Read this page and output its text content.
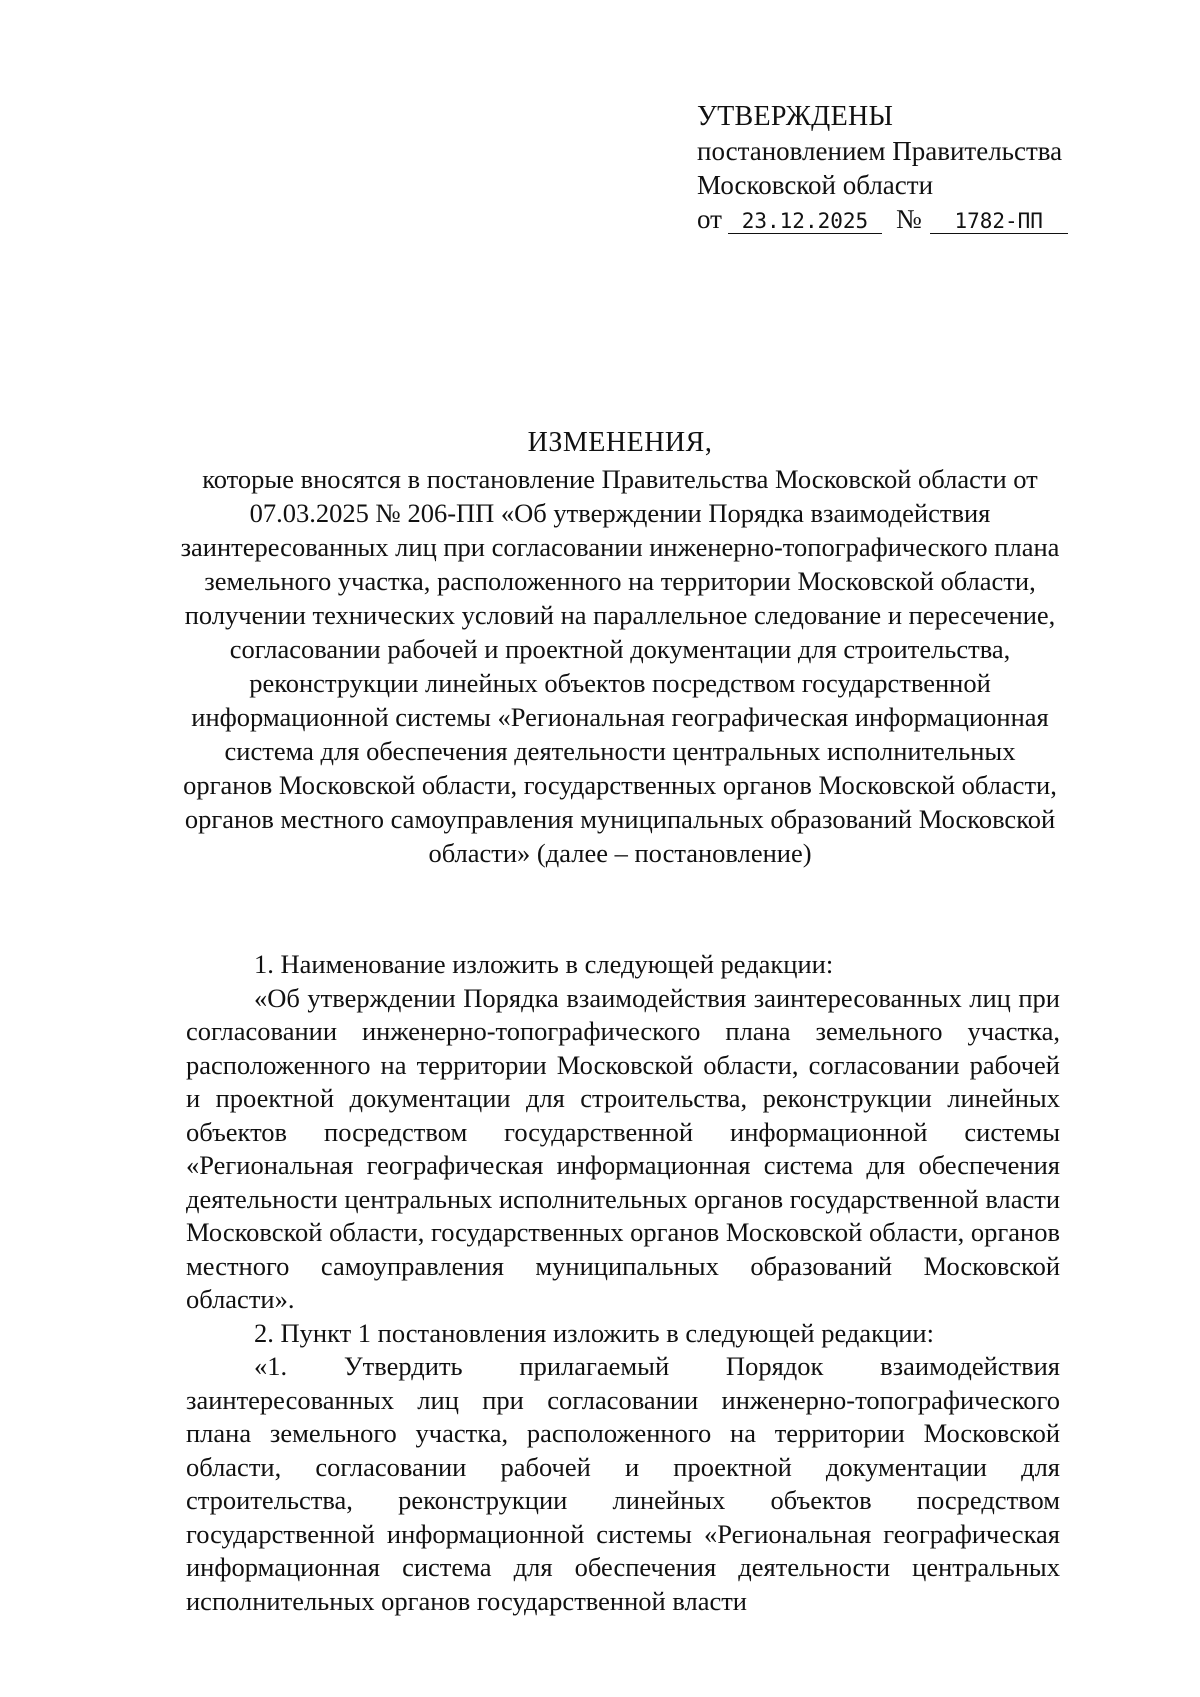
УТВЕРЖДЕНЫ
постановлением Правительства
Московской области
от 23.12.2025 № 1782-ПП
ИЗМЕНЕНИЯ,
которые вносятся в постановление Правительства Московской области от 07.03.2025 № 206-ПП «Об утверждении Порядка взаимодействия заинтересованных лиц при согласовании инженерно-топографического плана земельного участка, расположенного на территории Московской области, получении технических условий на параллельное следование и пересечение, согласовании рабочей и проектной документации для строительства, реконструкции линейных объектов посредством государственной информационной системы «Региональная географическая информационная система для обеспечения деятельности центральных исполнительных органов Московской области, государственных органов Московской области, органов местного самоуправления муниципальных образований Московской области» (далее – постановление)

1. Наименование изложить в следующей редакции:

«Об утверждении Порядка взаимодействия заинтересованных лиц при согласовании инженерно-топографического плана земельного участка, расположенного на территории Московской области, согласовании рабочей и проектной документации для строительства, реконструкции линейных объектов посредством государственной информационной системы «Региональная географическая информационная система для обеспечения деятельности центральных исполнительных органов государственной власти Московской области, государственных органов Московской области, органов местного самоуправления муниципальных образований Московской области».

2. Пункт 1 постановления изложить в следующей редакции:

«1. Утвердить прилагаемый Порядок взаимодействия заинтересованных лиц при согласовании инженерно-топографического плана земельного участка, расположенного на территории Московской области, согласовании рабочей и проектной документации для строительства, реконструкции линейных объектов посредством государственной информационной системы «Региональная географическая информационная система для обеспечения деятельности центральных исполнительных органов государственной власти
